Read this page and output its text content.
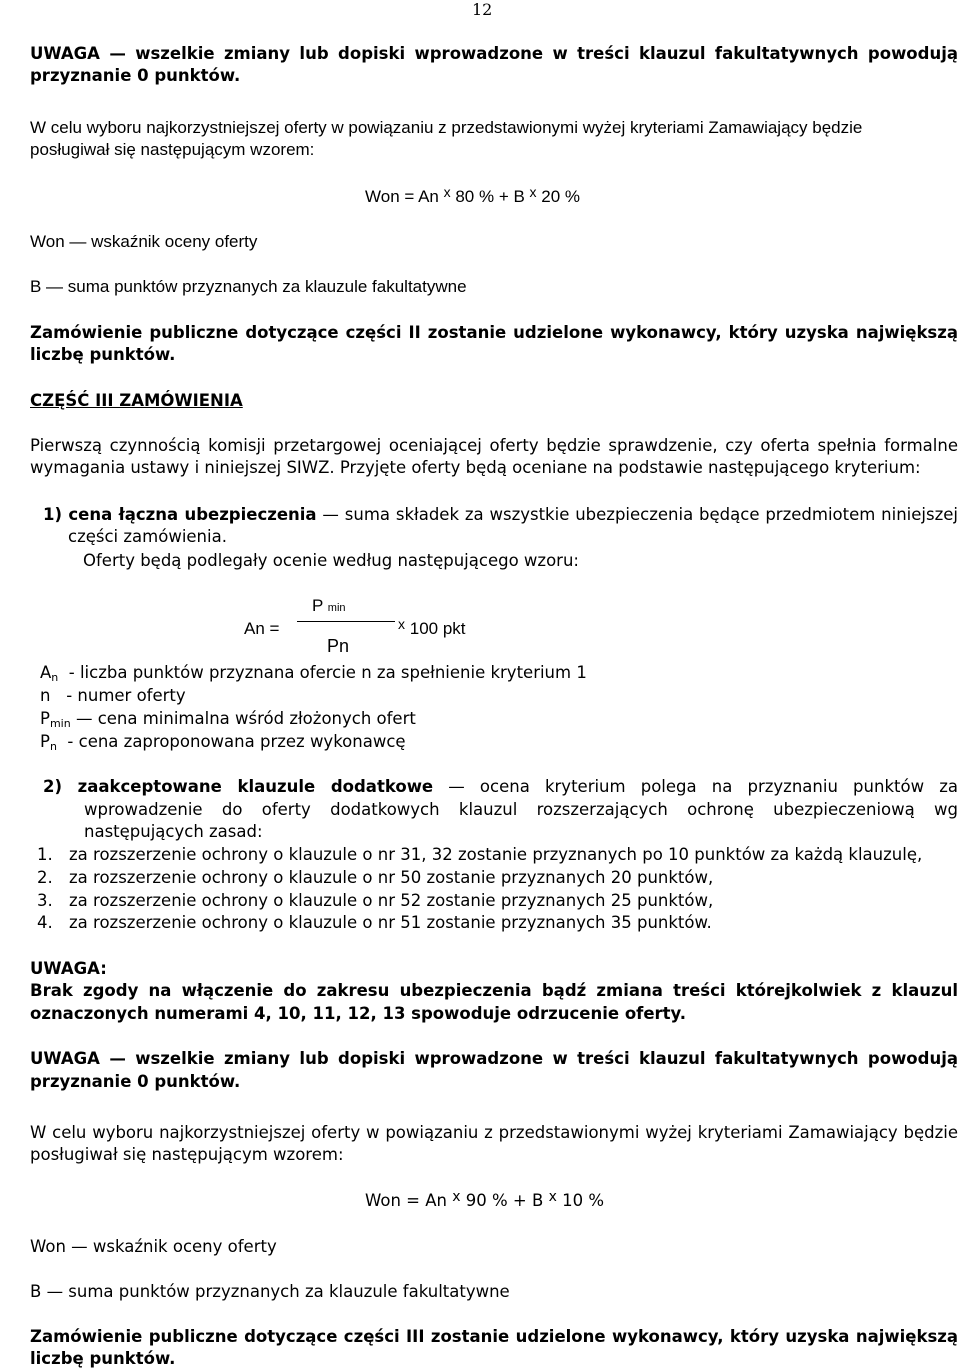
12
UWAGA — wszelkie zmiany lub dopiski wprowadzone w treści klauzul fakultatywnych powodują
przyznanie 0 punktów.
W celu wyboru najkorzystniejszej oferty w powiązaniu z przedstawionymi wyżej kryteriami Zamawiający będzie
posługiwał się następującym wzorem:
Won = An $^x$ 80 % + B $^x$ 20 %
Won — wskaźnik oceny oferty
B — suma punktów przyznanych za klauzule fakultatywne
Zamówienie publiczne dotyczące części II zostanie udzielone wykonawcy, który uzyska największą
liczbę punktów.
CZĘŚĆ III ZAMÓWIENIA
Pierwszą czynnością komisji przetargowej oceniającej oferty będzie sprawdzenie, czy oferta spełnia formalne
wymagania ustawy i niniejszej SIWZ. Przyjęte oferty będą oceniane na podstawie następującego kryterium:
1) cena łączna ubezpieczenia — suma składek za wszystkie ubezpieczenia będące przedmiotem niniejszej
części zamówienia.
Oferty będą podlegały ocenie według następującego wzoru:
P min
An =	$^x$ 100 pkt
Pn
$A_n$  - liczba punktów przyznana ofercie n za spełnienie kryterium 1
n   - numer oferty
$P_{min}$ — cena minimalna wśród złożonych ofert
$P_n$  - cena zaproponowana przez wykonawcę
2) zaakceptowane klauzule dodatkowe — ocena kryterium polega na przyznaniu punktów za
wprowadzenie do oferty dodatkowych klauzul rozszerzających ochronę ubezpieczeniową wg
następujących zasad:
1. za rozszerzenie ochrony o klauzule o nr 31, 32 zostanie przyznanych po 10 punktów za każdą klauzulę,
2. za rozszerzenie ochrony o klauzule o nr 50 zostanie przyznanych 20 punktów,
3. za rozszerzenie ochrony o klauzule o nr 52 zostanie przyznanych 25 punktów,
4. za rozszerzenie ochrony o klauzule o nr 51 zostanie przyznanych 35 punktów.
UWAGA:
Brak zgody na włączenie do zakresu ubezpieczenia bądź zmiana treści którejkolwiek z klauzul
oznaczonych numerami 4, 10, 11, 12, 13 spowoduje odrzucenie oferty.
UWAGA — wszelkie zmiany lub dopiski wprowadzone w treści klauzul fakultatywnych powodują
przyznanie 0 punktów.
W celu wyboru najkorzystniejszej oferty w powiązaniu z przedstawionymi wyżej kryteriami Zamawiający będzie
posługiwał się następującym wzorem:
Won = An $^x$ 90 % + B $^x$ 10 %
Won — wskaźnik oceny oferty
B — suma punktów przyznanych za klauzule fakultatywne
Zamówienie publiczne dotyczące części III zostanie udzielone wykonawcy, który uzyska największą
liczbę punktów.
